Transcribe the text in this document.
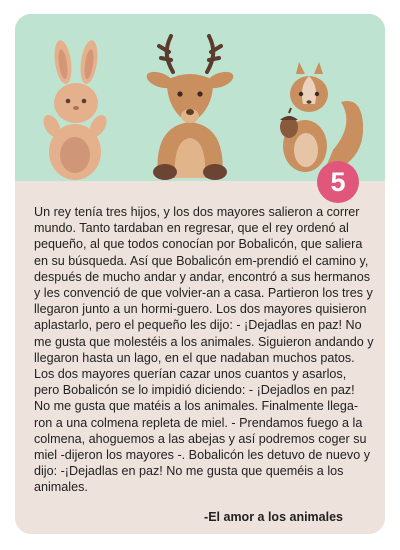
5

Un rey tenía tres hijos, y los dos mayores salieron a correr mundo. Tanto tardaban en regresar, que el rey ordenó al pequeño, al que todos conocían por Bobalicón, que saliera en su búsqueda. Así que Bobalicón em-prendió el camino y, después de mucho andar y andar, encontró a sus hermanos y les convenció de que volvier-an a casa. Partieron los tres y llegaron junto a un hormi-guero. Los dos mayores quisieron aplastarlo, pero el pequeño les dijo: - ¡Dejadlas en paz! No me gusta que molestéis a los animales. Siguieron andando y llegaron hasta un lago, en el que nadaban muchos patos. Los dos mayores querían cazar unos cuantos y asarlos, pero Bobalicón se lo impidió diciendo: - ¡Dejadlos en paz! No me gusta que matéis a los animales. Finalmente llega-ron a una colmena repleta de miel. - Prendamos fuego a la colmena, ahoguemos a las abejas y así podremos coger su miel -dijeron los mayores -. Bobalicón les detuvo de nuevo y dijo: -¡Dejadlas en paz! No me gusta que queméis a los animales.

-El amor a los animales
